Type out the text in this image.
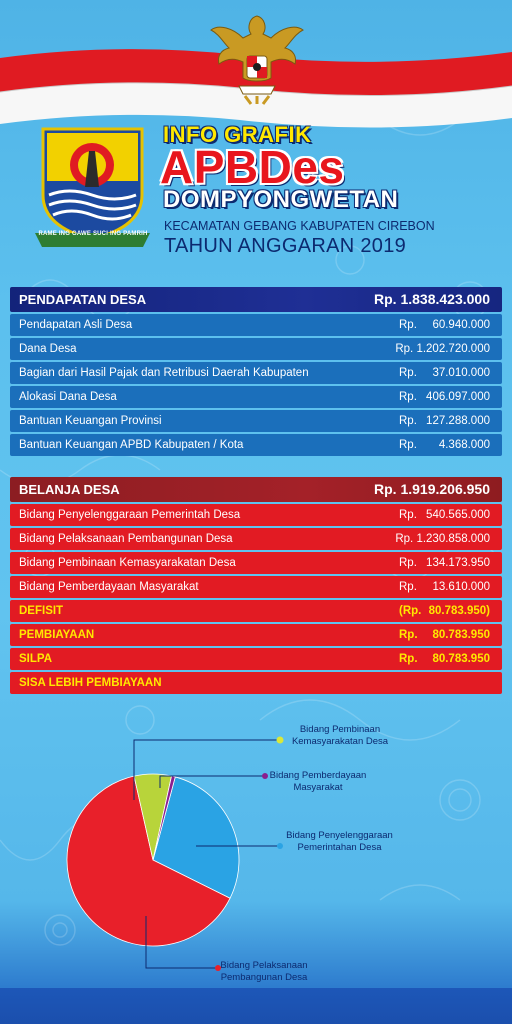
RAME ING GAWE SUCI ING PAMRIH
INFO GRAFIK
APBDes
DOMPYONGWETAN
KECAMATAN GEBANG KABUPATEN CIREBON
TAHUN ANGGARAN 2019
PENDAPATAN DESA	Rp. 1.838.423.000
Pendapatan Asli Desa	Rp. 60.940.000
Dana Desa	Rp. 1.202.720.000
Bagian dari Hasil Pajak dan Retribusi Daerah Kabupaten	Rp. 37.010.000
Alokasi Dana Desa	Rp. 406.097.000
Bantuan Keuangan Provinsi	Rp. 127.288.000
Bantuan Keuangan APBD Kabupaten / Kota	Rp. 4.368.000
BELANJA DESA	Rp. 1.919.206.950
Bidang Penyelenggaraan Pemerintah Desa	Rp. 540.565.000
Bidang Pelaksanaan Pembangunan Desa	Rp. 1.230.858.000
Bidang Pembinaan Kemasyarakatan Desa	Rp. 134.173.950
Bidang Pemberdayaan Masyarakat	Rp. 13.610.000
DEFISIT	(Rp. 80.783.950)
PEMBIAYAAN	Rp. 80.783.950
SILPA	Rp. 80.783.950
SISA LEBIH PEMBIAYAAN
Bidang Pembinaan
Kemasyarakatan Desa
Bidang Pemberdayaan
Masyarakat
Bidang Penyelenggaraan
Pemerintahan Desa
Bidang Pelaksanaan
Pembangunan Desa
